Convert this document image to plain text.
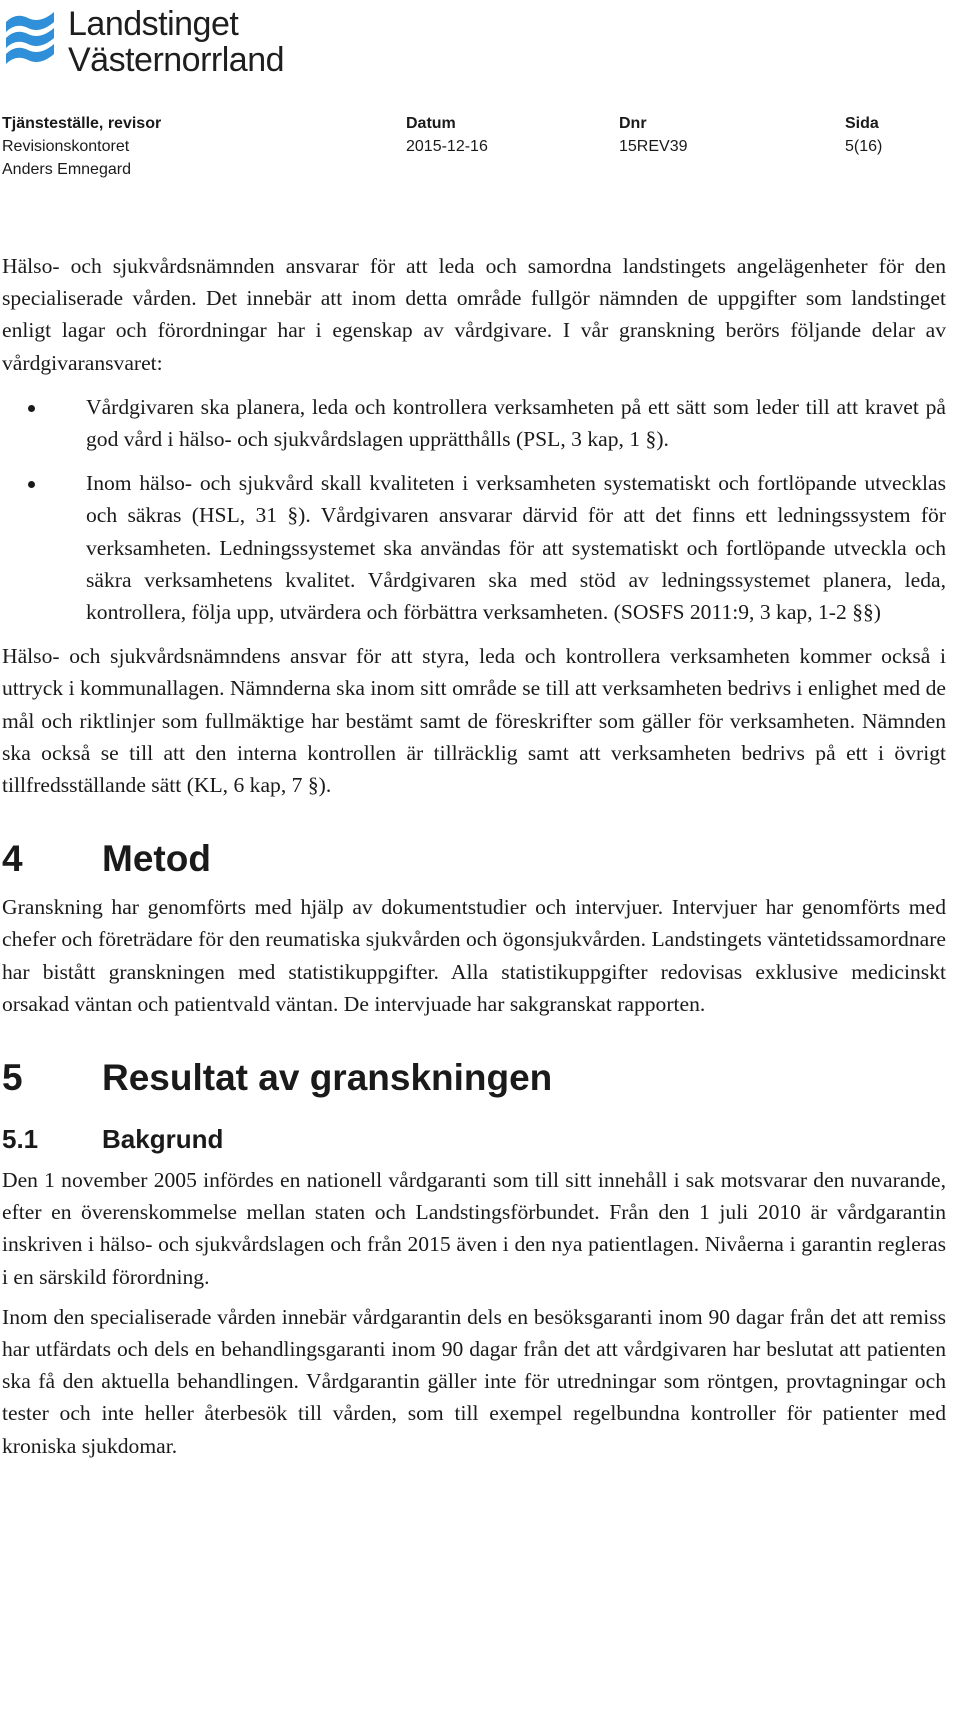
Landstinget
Västernorrland
Tjänsteställe, revisor
Revisionskontoret
Anders Emnegard
Datum
2015-12-16
Dnr
15REV39
Sida
5(16)

Hälso- och sjukvårdsnämnden ansvarar för att leda och samordna landstingets angelägenheter för den specialiserade vården. Det innebär att inom detta område fullgör nämnden de uppgifter som landstinget enligt lagar och förordningar har i egenskap av vårdgivare. I vår granskning berörs följande delar av vårdgivaransvaret:

Vårdgivaren ska planera, leda och kontrollera verksamheten på ett sätt som leder till att kravet på god vård i hälso- och sjukvårdslagen upprätthålls (PSL, 3 kap, 1 §).

Inom hälso- och sjukvård skall kvaliteten i verksamheten systematiskt och fortlöpande utvecklas och säkras (HSL, 31 §). Vårdgivaren ansvarar därvid för att det finns ett ledningssystem för verksamheten. Ledningssystemet ska användas för att systematiskt och fortlöpande utveckla och säkra verksamhetens kvalitet. Vårdgivaren ska med stöd av ledningssystemet planera, leda, kontrollera, följa upp, utvärdera och förbättra verksamheten. (SOSFS 2011:9, 3 kap, 1-2 §§)

Hälso- och sjukvårdsnämndens ansvar för att styra, leda och kontrollera verksamheten kommer också i uttryck i kommunallagen. Nämnderna ska inom sitt område se till att verksamheten bedrivs i enlighet med de mål och riktlinjer som fullmäktige har bestämt samt de föreskrifter som gäller för verksamheten. Nämnden ska också se till att den interna kontrollen är tillräcklig samt att verksamheten bedrivs på ett i övrigt tillfredsställande sätt (KL, 6 kap, 7 §).

4 Metod

Granskning har genomförts med hjälp av dokumentstudier och intervjuer. Intervjuer har genomförts med chefer och företrädare för den reumatiska sjukvården och ögonsjukvården. Landstingets väntetidssamordnare har bistått granskningen med statistikuppgifter. Alla statistikuppgifter redovisas exklusive medicinskt orsakad väntan och patientvald väntan. De intervjuade har sakgranskat rapporten.

5 Resultat av granskningen
5.1 Bakgrund

Den 1 november 2005 infördes en nationell vårdgaranti som till sitt innehåll i sak motsvarar den nuvarande, efter en överenskommelse mellan staten och Landstingsförbundet. Från den 1 juli 2010 är vårdgarantin inskriven i hälso- och sjukvårdslagen och från 2015 även i den nya patientlagen. Nivåerna i garantin regleras i en särskild förordning.

Inom den specialiserade vården innebär vårdgarantin dels en besöksgaranti inom 90 dagar från det att remiss har utfärdats och dels en behandlingsgaranti inom 90 dagar från det att vårdgivaren har beslutat att patienten ska få den aktuella behandlingen. Vårdgarantin gäller inte för utredningar som röntgen, provtagningar och tester och inte heller återbesök till vården, som till exempel regelbundna kontroller för patienter med kroniska sjukdomar.
